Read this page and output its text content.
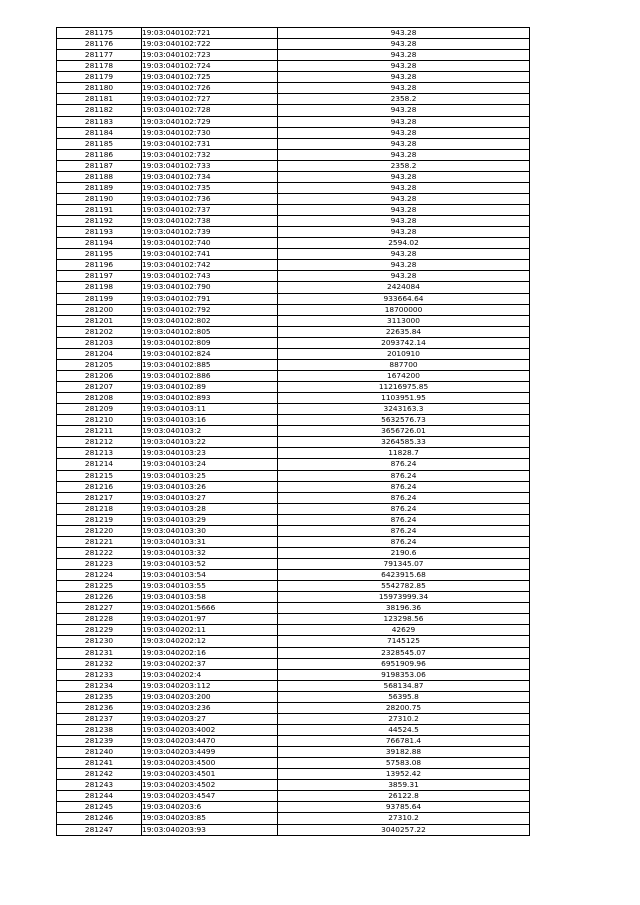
281175	19:03:040102:721	943.28
281176	19:03:040102:722	943.28
281177	19:03:040102:723	943.28
281178	19:03:040102:724	943.28
281179	19:03:040102:725	943.28
281180	19:03:040102:726	943.28
281181	19:03:040102:727	2358.2
281182	19:03:040102:728	943.28
281183	19:03:040102:729	943.28
281184	19:03:040102:730	943.28
281185	19:03:040102:731	943.28
281186	19:03:040102:732	943.28
281187	19:03:040102:733	2358.2
281188	19:03:040102:734	943.28
281189	19:03:040102:735	943.28
281190	19:03:040102:736	943.28
281191	19:03:040102:737	943.28
281192	19:03:040102:738	943.28
281193	19:03:040102:739	943.28
281194	19:03:040102:740	2594.02
281195	19:03:040102:741	943.28
281196	19:03:040102:742	943.28
281197	19:03:040102:743	943.28
281198	19:03:040102:790	2424084
281199	19:03:040102:791	933664.64
281200	19:03:040102:792	18700000
281201	19:03:040102:802	3113000
281202	19:03:040102:805	22635.84
281203	19:03:040102:809	2093742.14
281204	19:03:040102:824	2010910
281205	19:03:040102:885	887700
281206	19:03:040102:886	1674200
281207	19:03:040102:89	11216975.85
281208	19:03:040102:893	1103951.95
281209	19:03:040103:11	3243163.3
281210	19:03:040103:16	5632576.73
281211	19:03:040103:2	3656726.01
281212	19:03:040103:22	3264585.33
281213	19:03:040103:23	11828.7
281214	19:03:040103:24	876.24
281215	19:03:040103:25	876.24
281216	19:03:040103:26	876.24
281217	19:03:040103:27	876.24
281218	19:03:040103:28	876.24
281219	19:03:040103:29	876.24
281220	19:03:040103:30	876.24
281221	19:03:040103:31	876.24
281222	19:03:040103:32	2190.6
281223	19:03:040103:52	791345.07
281224	19:03:040103:54	6423915.68
281225	19:03:040103:55	5542782.85
281226	19:03:040103:58	15973999.34
281227	19:03:040201:5666	38196.36
281228	19:03:040201:97	123298.56
281229	19:03:040202:11	42629
281230	19:03:040202:12	7145125
281231	19:03:040202:16	2328545.07
281232	19:03:040202:37	6951909.96
281233	19:03:040202:4	9198353.06
281234	19:03:040203:112	568134.87
281235	19:03:040203:200	56395.8
281236	19:03:040203:236	28200.75
281237	19:03:040203:27	27310.2
281238	19:03:040203:4002	44524.5
281239	19:03:040203:4470	766781.4
281240	19:03:040203:4499	39182.88
281241	19:03:040203:4500	57583.08
281242	19:03:040203:4501	13952.42
281243	19:03:040203:4502	3859.31
281244	19:03:040203:4547	26122.8
281245	19:03:040203:6	93785.64
281246	19:03:040203:85	27310.2
281247	19:03:040203:93	3040257.22
